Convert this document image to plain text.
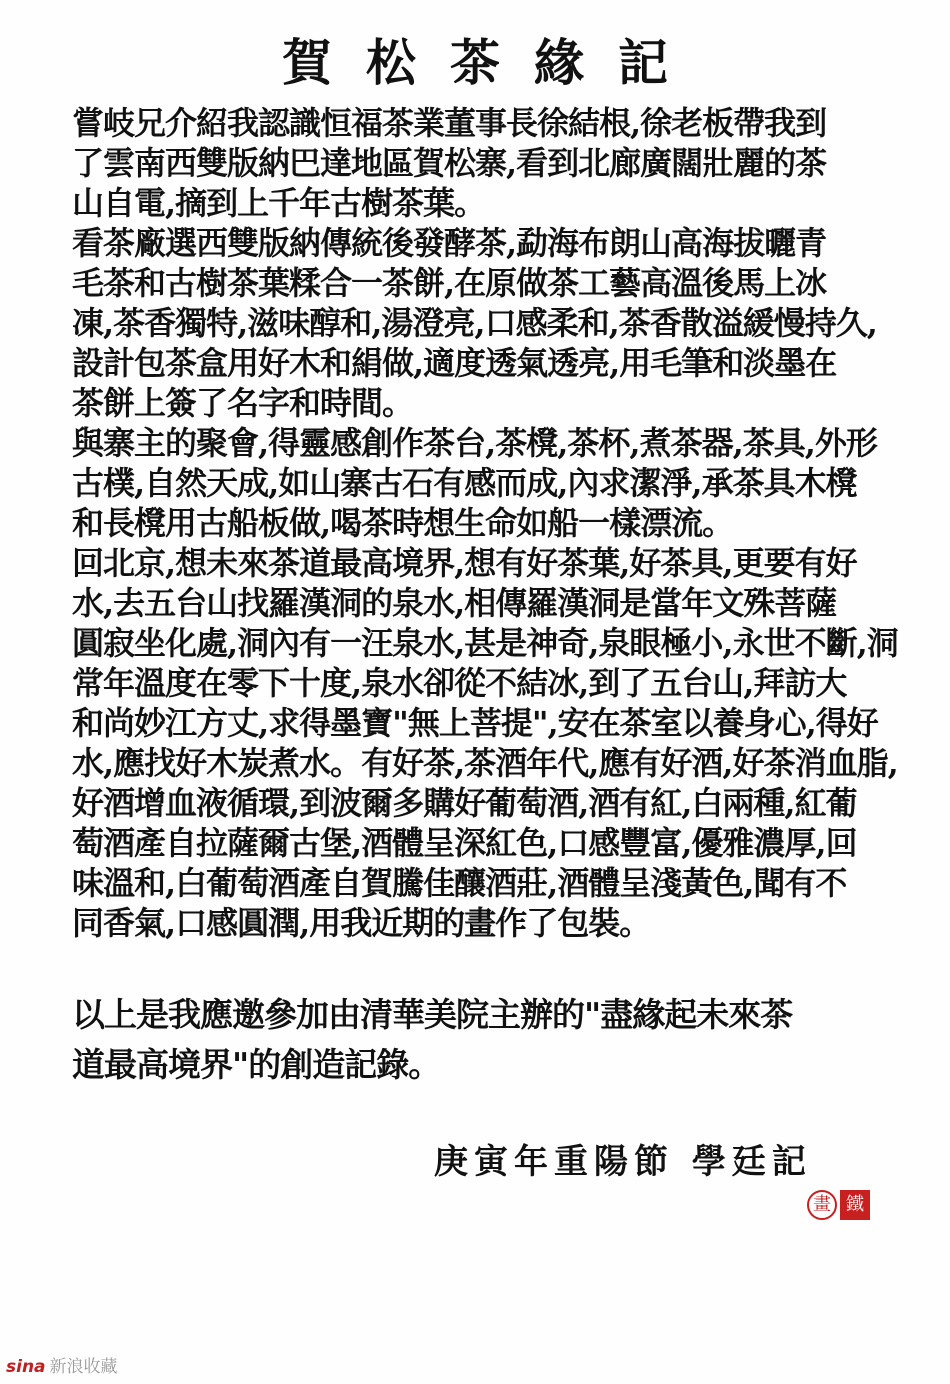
賀松茶緣記
嘗岐兄介紹我認識恒福茶業董事長徐結根,徐老板帶我到
了雲南西雙版納巴達地區賀松寨,看到北廊廣闊壯麗的茶
山自電,摘到上千年古樹茶葉。
看茶廠選西雙版納傳統後發酵茶,勐海布朗山高海拔曬青
毛茶和古樹茶葉糅合一茶餅,在原做茶工藝高溫後馬上冰
凍,茶香獨特,滋味醇和,湯澄亮,口感柔和,茶香散溢緩慢持久,
設計包茶盒用好木和絹做,適度透氣透亮,用毛筆和淡墨在
茶餅上簽了名字和時間。
與寨主的聚會,得靈感創作茶台,茶櫈,茶杯,煮茶器,茶具,外形
古樸,自然天成,如山寨古石有感而成,內求潔淨,承茶具木櫈
和長櫈用古船板做,喝茶時想生命如船一樣漂流。
回北京,想未來茶道最高境界,想有好茶葉,好茶具,更要有好
水,去五台山找羅漢洞的泉水,相傳羅漢洞是當年文殊菩薩
圓寂坐化處,洞內有一汪泉水,甚是神奇,泉眼極小,永世不斷,洞
常年溫度在零下十度,泉水卻從不結冰,到了五台山,拜訪大
和尚妙江方丈,求得墨寶"無上菩提",安在茶室以養身心,得好
水,應找好木炭煮水。有好茶,茶酒年代,應有好酒,好茶消血脂,
好酒增血液循環,到波爾多購好葡萄酒,酒有紅,白兩種,紅葡
萄酒產自拉薩爾古堡,酒體呈深紅色,口感豐富,優雅濃厚,回
味溫和,白葡萄酒產自賀騰佳釀酒莊,酒體呈淺黃色,聞有不
同香氣,口感圓潤,用我近期的畫作了包裝。
以上是我應邀參加由清華美院主辦的"盡緣起未來茶
道最高境界"的創造記錄。
庚寅年重陽節 學廷記
畫 鐵
sina 新浪收藏
